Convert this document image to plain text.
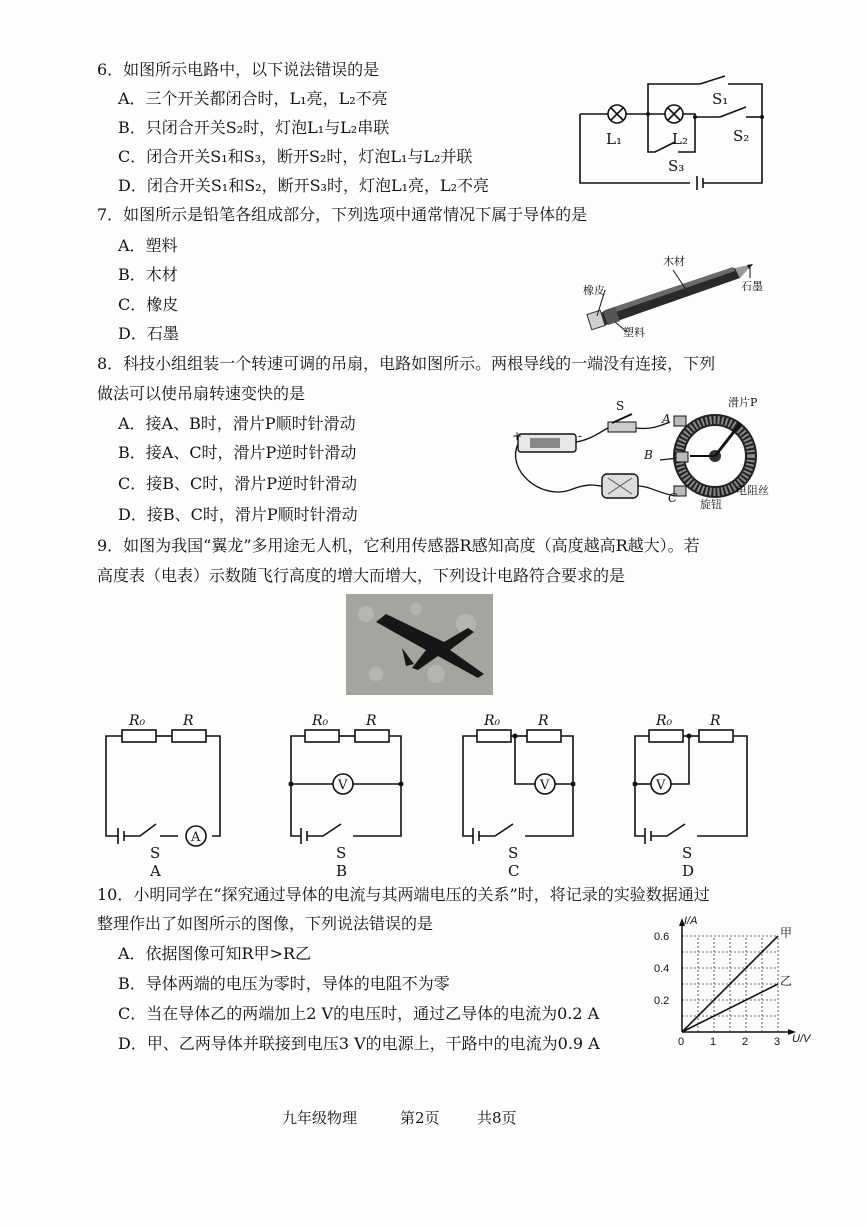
6．如图所示电路中，以下说法错误的是
A．三个开关都闭合时，L₁亮，L₂不亮
B．只闭合开关S₂时，灯泡L₁与L₂串联
C．闭合开关S₁和S₃，断开S₂时，灯泡L₁与L₂并联
D．闭合开关S₁和S₂，断开S₃时，灯泡L₁亮，L₂不亮
S₁
S₂
S₃
L₁	L₂
7．如图所示是铅笔各组成部分，下列选项中通常情况下属于导体的是
A．塑料
B．木材
C．橡皮
D．石墨
木材
石墨
橡皮
塑料
8．科技小组组装一个转速可调的吊扇，电路如图所示。两根导线的一端没有连接，下列
做法可以使吊扇转速变快的是
A．接A、B时，滑片P顺时针滑动
B．接A、C时，滑片P逆时针滑动
C．接B、C时，滑片P逆时针滑动
D．接B、C时，滑片P顺时针滑动
+	-
S
A
B
C
滑片P
电阻丝
旋钮
9．如图为我国“翼龙”多用途无人机，它利用传感器R感知高度（高度越高R越大）。若
高度表（电表）示数随飞行高度的增大而增大，下列设计电路符合要求的是
R₀	R
A
S
A
R₀	R
V
S
B
R₀	R
V
S
C
R₀	R
V
S
D
10．小明同学在“探究通过导体的电流与其两端电压的关系”时，将记录的实验数据通过
整理作出了如图所示的图像，下列说法错误的是
A．依据图像可知R甲>R乙
B．导体两端的电压为零时，导体的电阻不为零
C．当在导体乙的两端加上2 V的电压时，通过乙导体的电流为0.2 A
D．甲、乙两导体并联接到电压3 V的电源上，干路中的电流为0.9 A	0 1 2 3
0.2
0.4
0.6
U/V
I/A
甲
乙
九年级物理	第2页 共8页
